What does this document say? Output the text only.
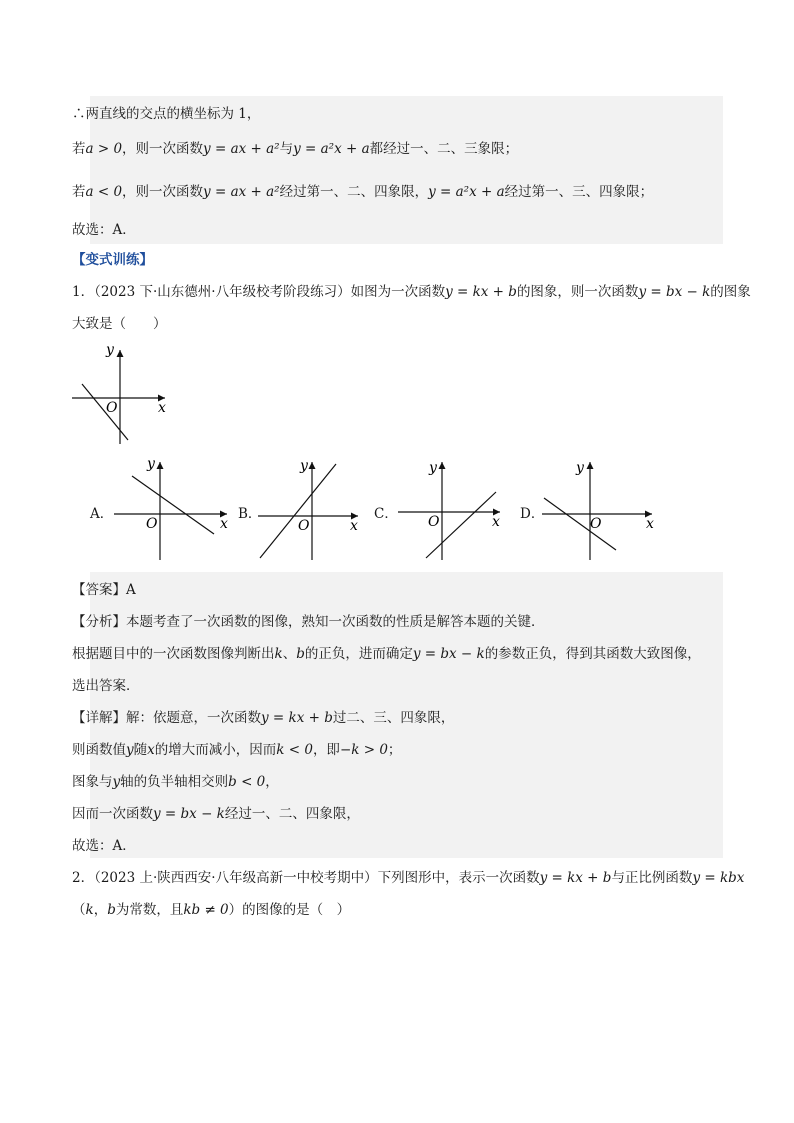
∴两直线的交点的横坐标为 1，
若a > 0，则一次函数y = ax + a²与y = a²x + a都经过一、二、三象限；
若a < 0，则一次函数y = ax + a²经过第一、二、四象限，y = a²x + a经过第一、三、四象限；
故选：A．
【变式训练】
1．（2023 下·山东德州·八年级校考阶段练习）如图为一次函数y = kx + b的图象，则一次函数y = bx − k的图象
大致是（　　）
y
O	x
A．
y
O	x
B．
y
O	x
C．
y
O	x D．
y
O	x
【答案】A
【分析】本题考查了一次函数的图像，熟知一次函数的性质是解答本题的关键．
根据题目中的一次函数图像判断出k、b的正负，进而确定y = bx − k的参数正负，得到其函数大致图像，
选出答案．
【详解】解：依题意，一次函数y = kx + b过二、三、四象限，
则函数值y随x的增大而减小，因而k < 0，即−k > 0；
图象与y轴的负半轴相交则b < 0，
因而一次函数y = bx − k经过一、二、四象限，
故选：A．
2．（2023 上·陕西西安·八年级高新一中校考期中）下列图形中，表示一次函数y = kx + b与正比例函数y = kbx
（k，b为常数，且kb ≠ 0）的图像的是（　）
